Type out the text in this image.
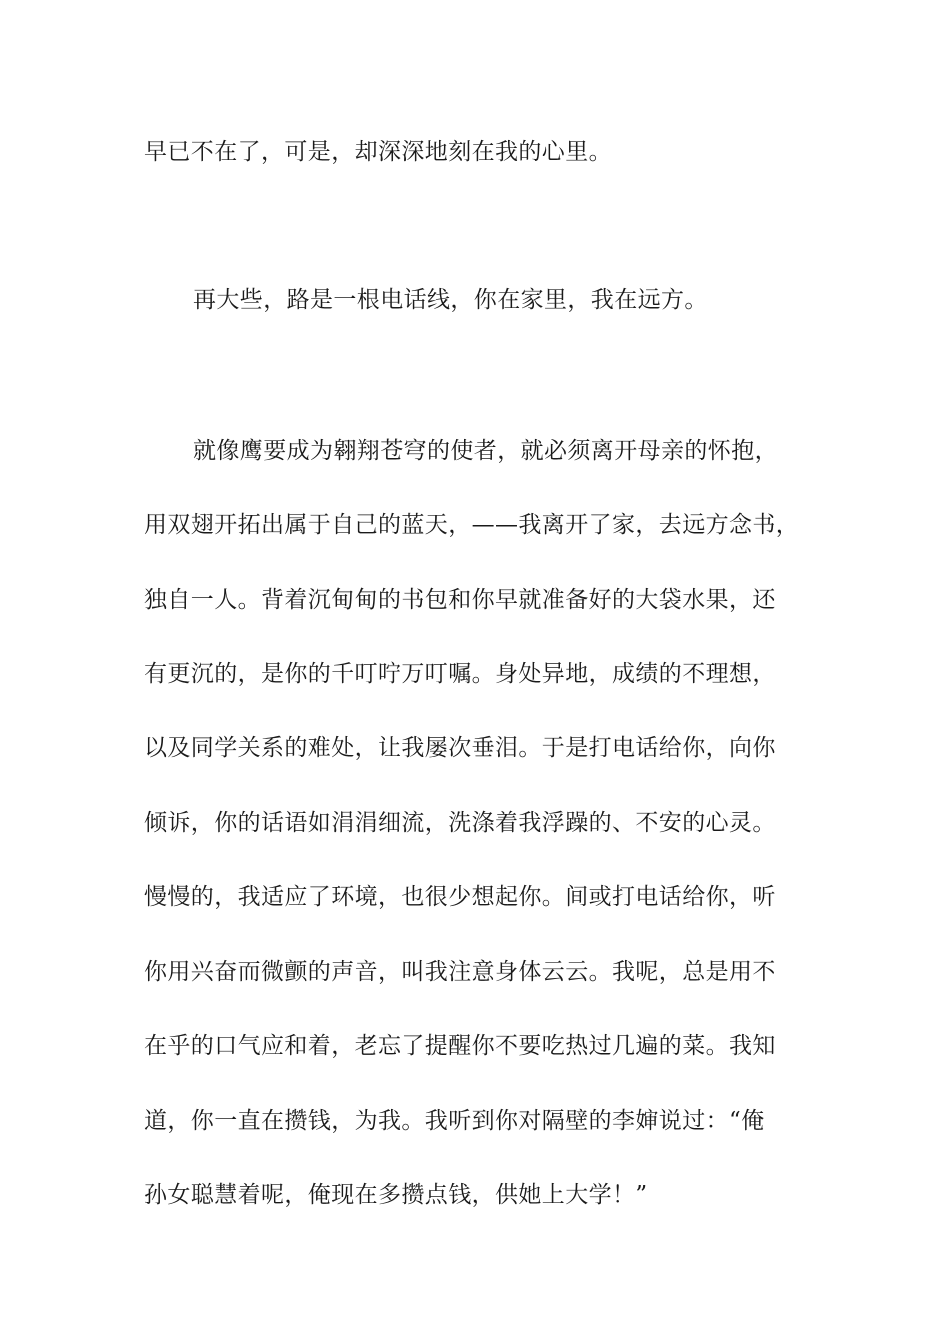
早已不在了，可是，却深深地刻在我的心里。
再大些，路是一根电话线，你在家里，我在远方。
就像鹰要成为翱翔苍穹的使者，就必须离开母亲的怀抱，
用双翅开拓出属于自己的蓝天，——我离开了家，去远方念书，
独自一人。背着沉甸甸的书包和你早就准备好的大袋水果，还
有更沉的，是你的千叮咛万叮嘱。身处异地，成绩的不理想，
以及同学关系的难处，让我屡次垂泪。于是打电话给你，向你
倾诉，你的话语如涓涓细流，洗涤着我浮躁的、不安的心灵。
慢慢的，我适应了环境，也很少想起你。间或打电话给你，听
你用兴奋而微颤的声音，叫我注意身体云云。我呢，总是用不
在乎的口气应和着，老忘了提醒你不要吃热过几遍的菜。我知
道，你一直在攒钱，为我。我听到你对隔壁的李婶说过：“俺
孙女聪慧着呢，俺现在多攒点钱，供她上大学！”
